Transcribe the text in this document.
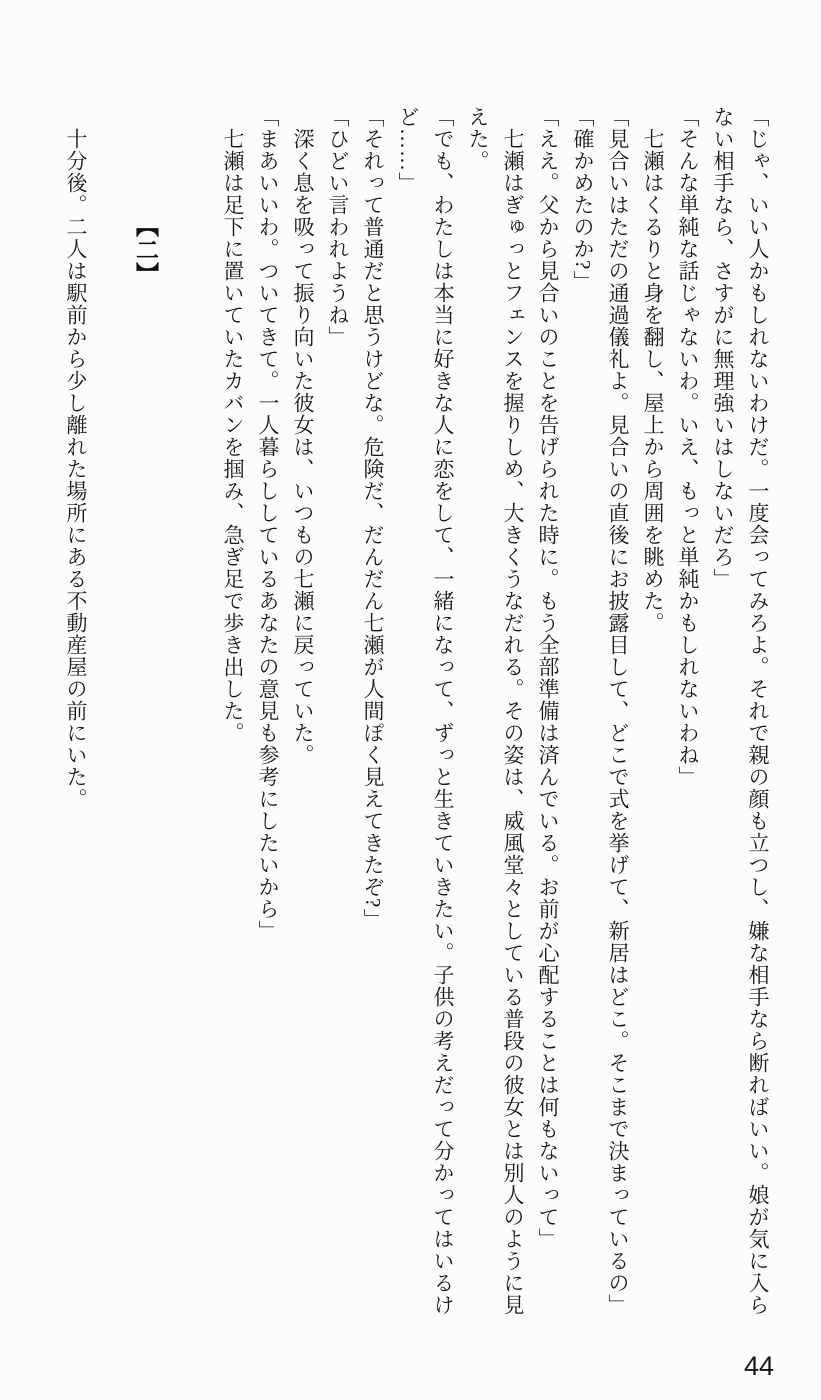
「じゃ、いい人かもしれないわけだ。一度会ってみろよ。それで親の顔も立つし、嫌な相手なら断ればいい。娘が気に入らない相手なら、さすがに無理強いはしないだろ」

「そんな単純な話じゃないわ。いえ、もっと単純かもしれないわね」

七瀬はくるりと身を翻し、屋上から周囲を眺めた。

「見合いはただの通過儀礼よ。見合いの直後にお披露目して、どこで式を挙げて、新居はどこ。そこまで決まっているの」

「確かめたのか?」

「ええ。父から見合いのことを告げられた時に。もう全部準備は済んでいる。お前が心配することは何もないって」

七瀬はぎゅっとフェンスを握りしめ、大きくうなだれる。その姿は、威風堂々としている普段の彼女とは別人のように見えた。

「でも、わたしは本当に好きな人に恋をして、一緒になって、ずっと生きていきたい。子供の考えだって分かってはいるけど……」

「それって普通だと思うけどな。危険だ、だんだん七瀬が人間ぽく見えてきたぞ?」

「ひどい言われようね」

深く息を吸って振り向いた彼女は、いつもの七瀬に戻っていた。

「まあいいわ。ついてきて。一人暮らししているあなたの意見も参考にしたいから」

七瀬は足下に置いていたカバンを掴み、急ぎ足で歩き出した。

【二】

十分後。二人は駅前から少し離れた場所にある不動産屋の前にいた。

44
